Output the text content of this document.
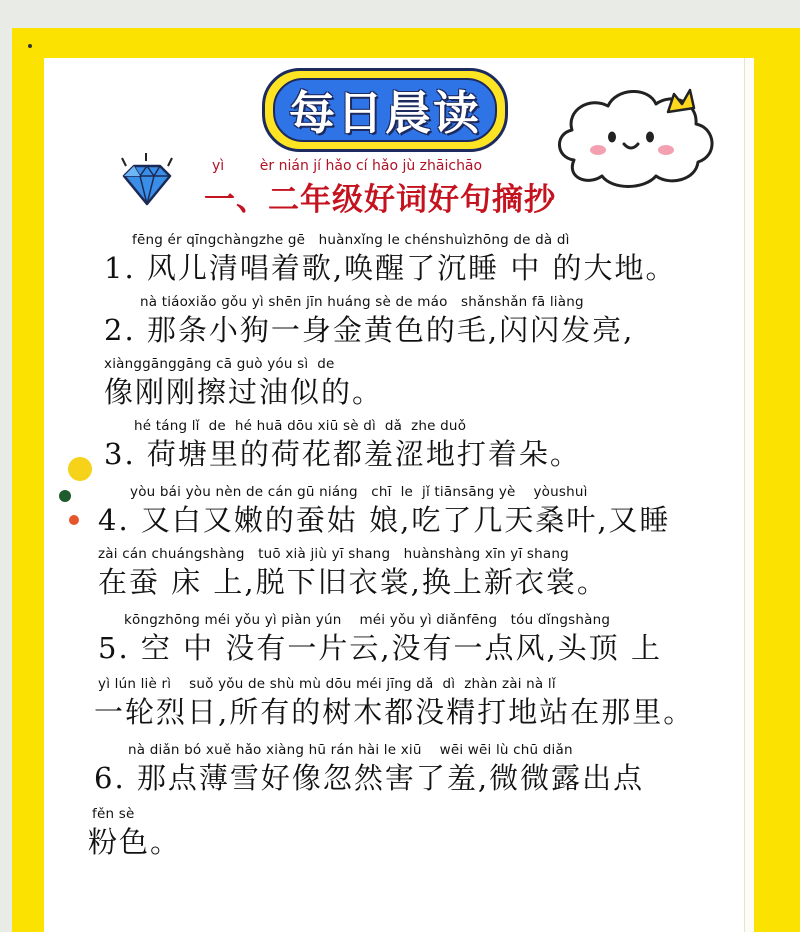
每日晨读
yì        èr nián jí hǎo cí hǎo jù zhāichāo
一、二年级好词好句摘抄
fēng ér qīngchàngzhe gē   huànxǐng le chénshuìzhōng de dà dì
1. 风儿清唱着歌,唤醒了沉睡 中 的大地。
nà tiáoxiǎo gǒu yì shēn jīn huáng sè de máo   shǎnshǎn fā liàng
2. 那条小狗一身金黄色的毛,闪闪发亮,
xiànggānggāng cā guò yóu sì  de
像刚刚擦过油似的。
hé táng lǐ  de  hé huā dōu xiū sè dì  dǎ  zhe duǒ
3. 荷塘里的荷花都羞涩地打着朵。
yòu bái yòu nèn de cán gū niáng   chī  le  jǐ tiānsāng yè    yòushuì
4. 又白又嫩的蚕姑 娘,吃了几天桑叶,又睡
zài cán chuángshàng   tuō xià jiù yī shang   huànshàng xīn yī shang
在蚕 床 上,脱下旧衣裳,换上新衣裳。
kōngzhōng méi yǒu yì piàn yún    méi yǒu yì diǎnfēng   tóu dǐngshàng
5. 空 中 没有一片云,没有一点风,头顶 上
yì lún liè rì    suǒ yǒu de shù mù dōu méi jīng dǎ  dì  zhàn zài nà lǐ
一轮烈日,所有的树木都没精打地站在那里。
nà diǎn bó xuě hǎo xiàng hū rán hài le xiū    wēi wēi lù chū diǎn
6. 那点薄雪好像忽然害了羞,微微露出点
fěn sè
粉色。
